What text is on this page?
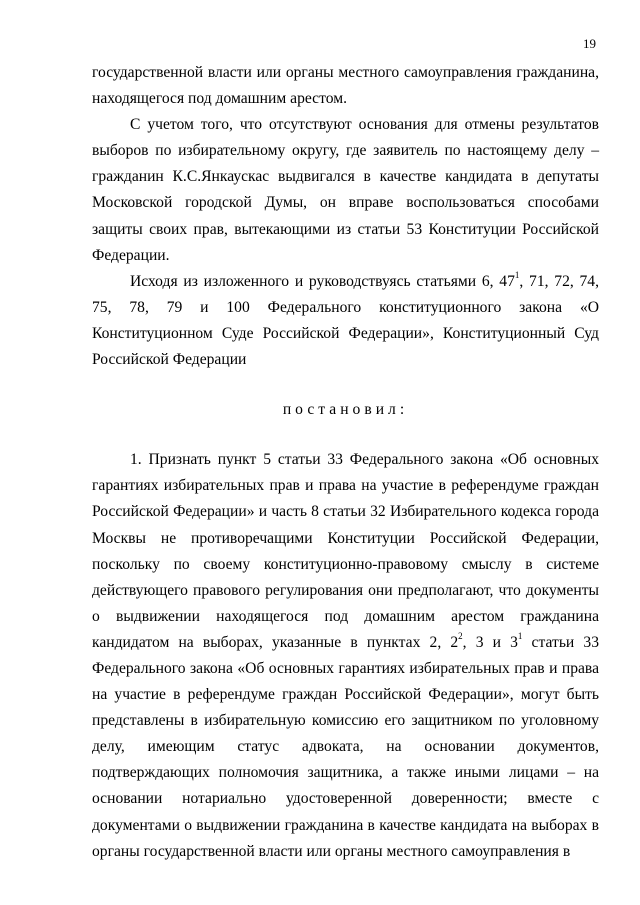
19

государственной власти или органы местного самоуправления гражданина, находящегося под домашним арестом.

С учетом того, что отсутствуют основания для отмены результатов выборов по избирательному округу, где заявитель по настоящему делу – гражданин К.С.Янкаускас выдвигался в качестве кандидата в депутаты Московской городской Думы, он вправе воспользоваться способами защиты своих прав, вытекающими из статьи 53 Конституции Российской Федерации.

Исходя из изложенного и руководствуясь статьями 6, $47^1$, 71, 72, 74, 75, 78, 79 и 100 Федерального конституционного закона «О Конституционном Суде Российской Федерации», Конституционный Суд Российской Федерации

постановил:

1. Признать пункт 5 статьи 33 Федерального закона «Об основных гарантиях избирательных прав и права на участие в референдуме граждан Российской Федерации» и часть 8 статьи 32 Избирательного кодекса города Москвы не противоречащими Конституции Российской Федерации, поскольку по своему конституционно-правовому смыслу в системе действующего правового регулирования они предполагают, что документы о выдвижении находящегося под домашним арестом гражданина кандидатом на выборах, указанные в пунктах 2, $2^2$, 3 и $3^1$ статьи 33 Федерального закона «Об основных гарантиях избирательных прав и права на участие в референдуме граждан Российской Федерации», могут быть представлены в избирательную комиссию его защитником по уголовному делу, имеющим статус адвоката, на основании документов, подтверждающих полномочия защитника, а также иными лицами – на основании нотариально удостоверенной доверенности; вместе с документами о выдвижении гражданина в качестве кандидата на выборах в органы государственной власти или органы местного самоуправления в
